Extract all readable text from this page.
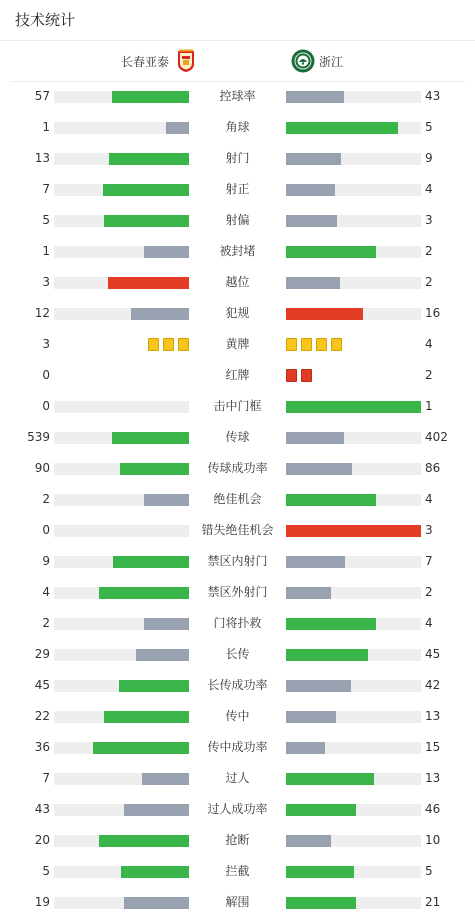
技术统计
长春亚泰	浙江
57	控球率	43
1	角球	5
13	射门	9
7	射正	4
5	射偏	3
1	被封堵	2
3	越位	2
12	犯规	16
3	黄牌	4
0	红牌	2
0	击中门框	1
539	传球	402
90	传球成功率	86
2	绝佳机会	4
0	错失绝佳机会	3
9	禁区内射门	7
4	禁区外射门	2
2	门将扑救	4
29	长传	45
45	长传成功率	42
22	传中	13
36	传中成功率	15
7	过人	13
43	过人成功率	46
20	抢断	10
5	拦截	5
19	解围	21
